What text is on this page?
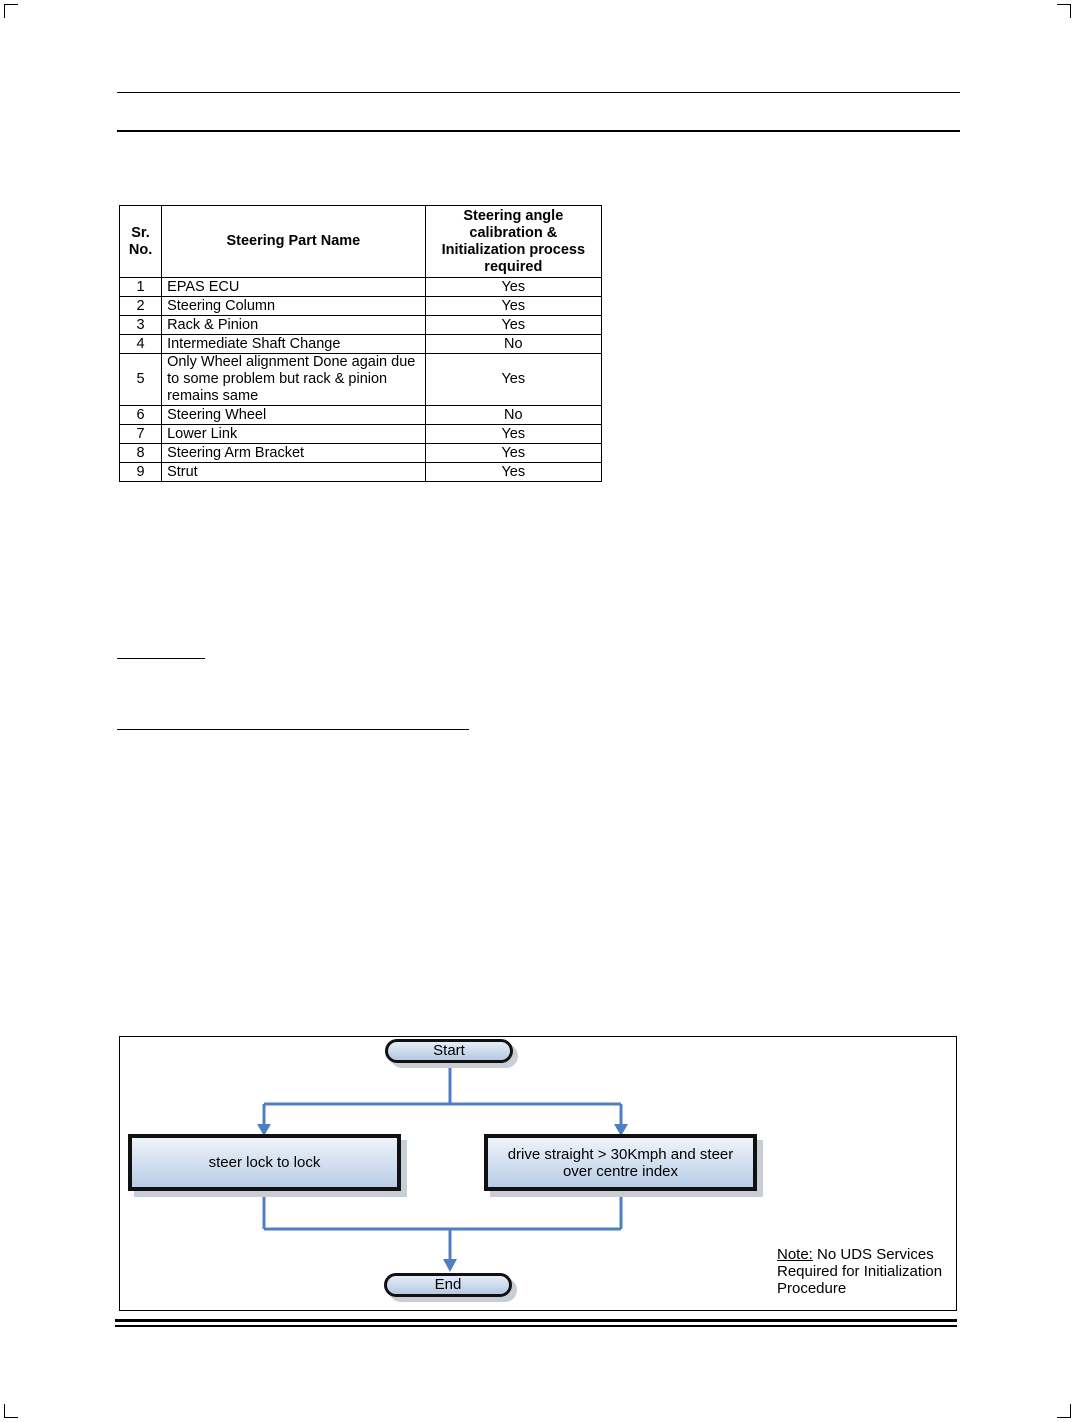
Sr. No.	Steering Part Name	Steering angle calibration & Initialization process required
1	EPAS ECU	Yes
2	Steering Column	Yes
3	Rack & Pinion	Yes
4	Intermediate Shaft Change	No
5	Only Wheel alignment Done again due to some problem but rack & pinion remains same	Yes
6	Steering Wheel	No
7	Lower Link	Yes
8	Steering Arm Bracket	Yes
9	Strut	Yes
Start
steer lock to lock	drive straight > 30Kmph and steer over centre index
End
Note: No UDS Services
Required for Initialization
Procedure
